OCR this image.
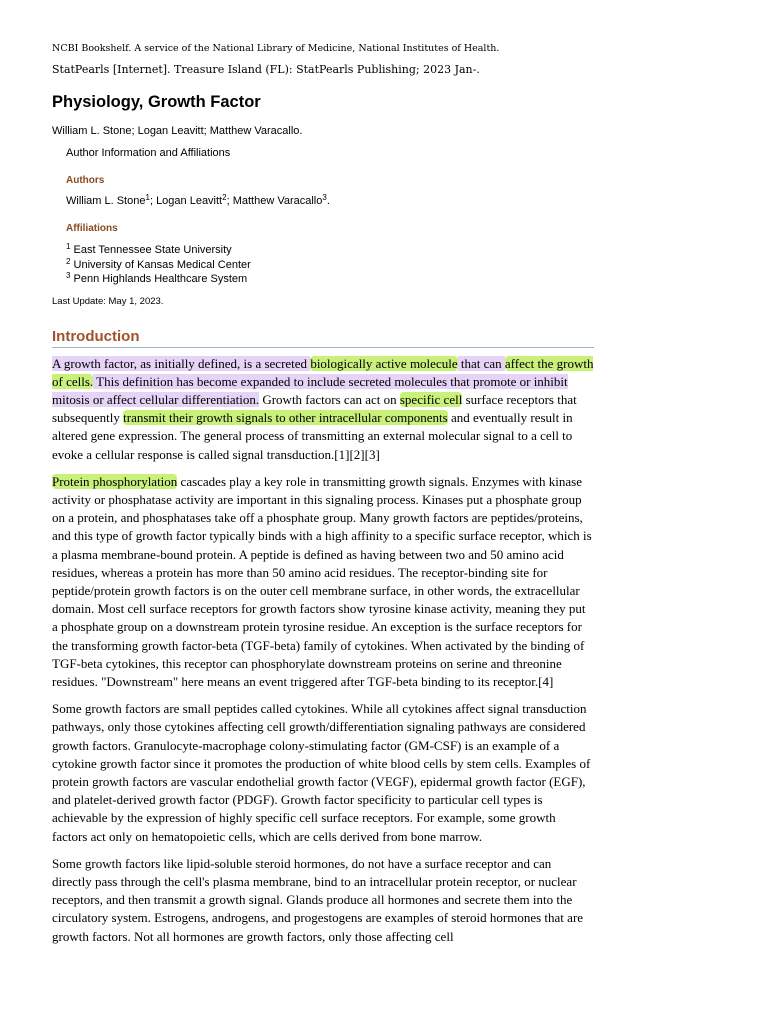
NCBI Bookshelf. A service of the National Library of Medicine, National Institutes of Health.
StatPearls [Internet]. Treasure Island (FL): StatPearls Publishing; 2023 Jan-.
Physiology, Growth Factor
William L. Stone; Logan Leavitt; Matthew Varacallo.
Author Information and Affiliations
Authors
William L. Stone$^1$; Logan Leavitt$^2$; Matthew Varacallo$^3$.
Affiliations
$^1$ East Tennessee State University
$^2$ University of Kansas Medical Center
$^3$ Penn Highlands Healthcare System
Last Update: May 1, 2023.
Introduction

A growth factor, as initially defined, is a secreted biologically active molecule that can affect the growth of cells. This definition has become expanded to include secreted molecules that promote or inhibit mitosis or affect cellular differentiation. Growth factors can act on specific cell surface receptors that subsequently transmit their growth signals to other intracellular components and eventually result in altered gene expression. The general process of transmitting an external molecular signal to a cell to evoke a cellular response is called signal transduction.[1][2][3]

Protein phosphorylation cascades play a key role in transmitting growth signals. Enzymes with kinase activity or phosphatase activity are important in this signaling process. Kinases put a phosphate group on a protein, and phosphatases take off a phosphate group. Many growth factors are peptides/proteins, and this type of growth factor typically binds with a high affinity to a specific surface receptor, which is a plasma membrane-bound protein. A peptide is defined as having between two and 50 amino acid residues, whereas a protein has more than 50 amino acid residues. The receptor-binding site for peptide/protein growth factors is on the outer cell membrane surface, in other words, the extracellular domain. Most cell surface receptors for growth factors show tyrosine kinase activity, meaning they put a phosphate group on a downstream protein tyrosine residue. An exception is the surface receptors for the transforming growth factor-beta (TGF-beta) family of cytokines. When activated by the binding of TGF-beta cytokines, this receptor can phosphorylate downstream proteins on serine and threonine residues. "Downstream" here means an event triggered after TGF-beta binding to its receptor.[4]

Some growth factors are small peptides called cytokines. While all cytokines affect signal transduction pathways, only those cytokines affecting cell growth/differentiation signaling pathways are considered growth factors. Granulocyte-macrophage colony-stimulating factor (GM-CSF) is an example of a cytokine growth factor since it promotes the production of white blood cells by stem cells. Examples of protein growth factors are vascular endothelial growth factor (VEGF), epidermal growth factor (EGF), and platelet-derived growth factor (PDGF). Growth factor specificity to particular cell types is achievable by the expression of highly specific cell surface receptors. For example, some growth factors act only on hematopoietic cells, which are cells derived from bone marrow.

Some growth factors like lipid-soluble steroid hormones, do not have a surface receptor and can directly pass through the cell's plasma membrane, bind to an intracellular protein receptor, or nuclear receptors, and then transmit a growth signal. Glands produce all hormones and secrete them into the circulatory system. Estrogens, androgens, and progestogens are examples of steroid hormones that are growth factors. Not all hormones are growth factors, only those affecting cell
